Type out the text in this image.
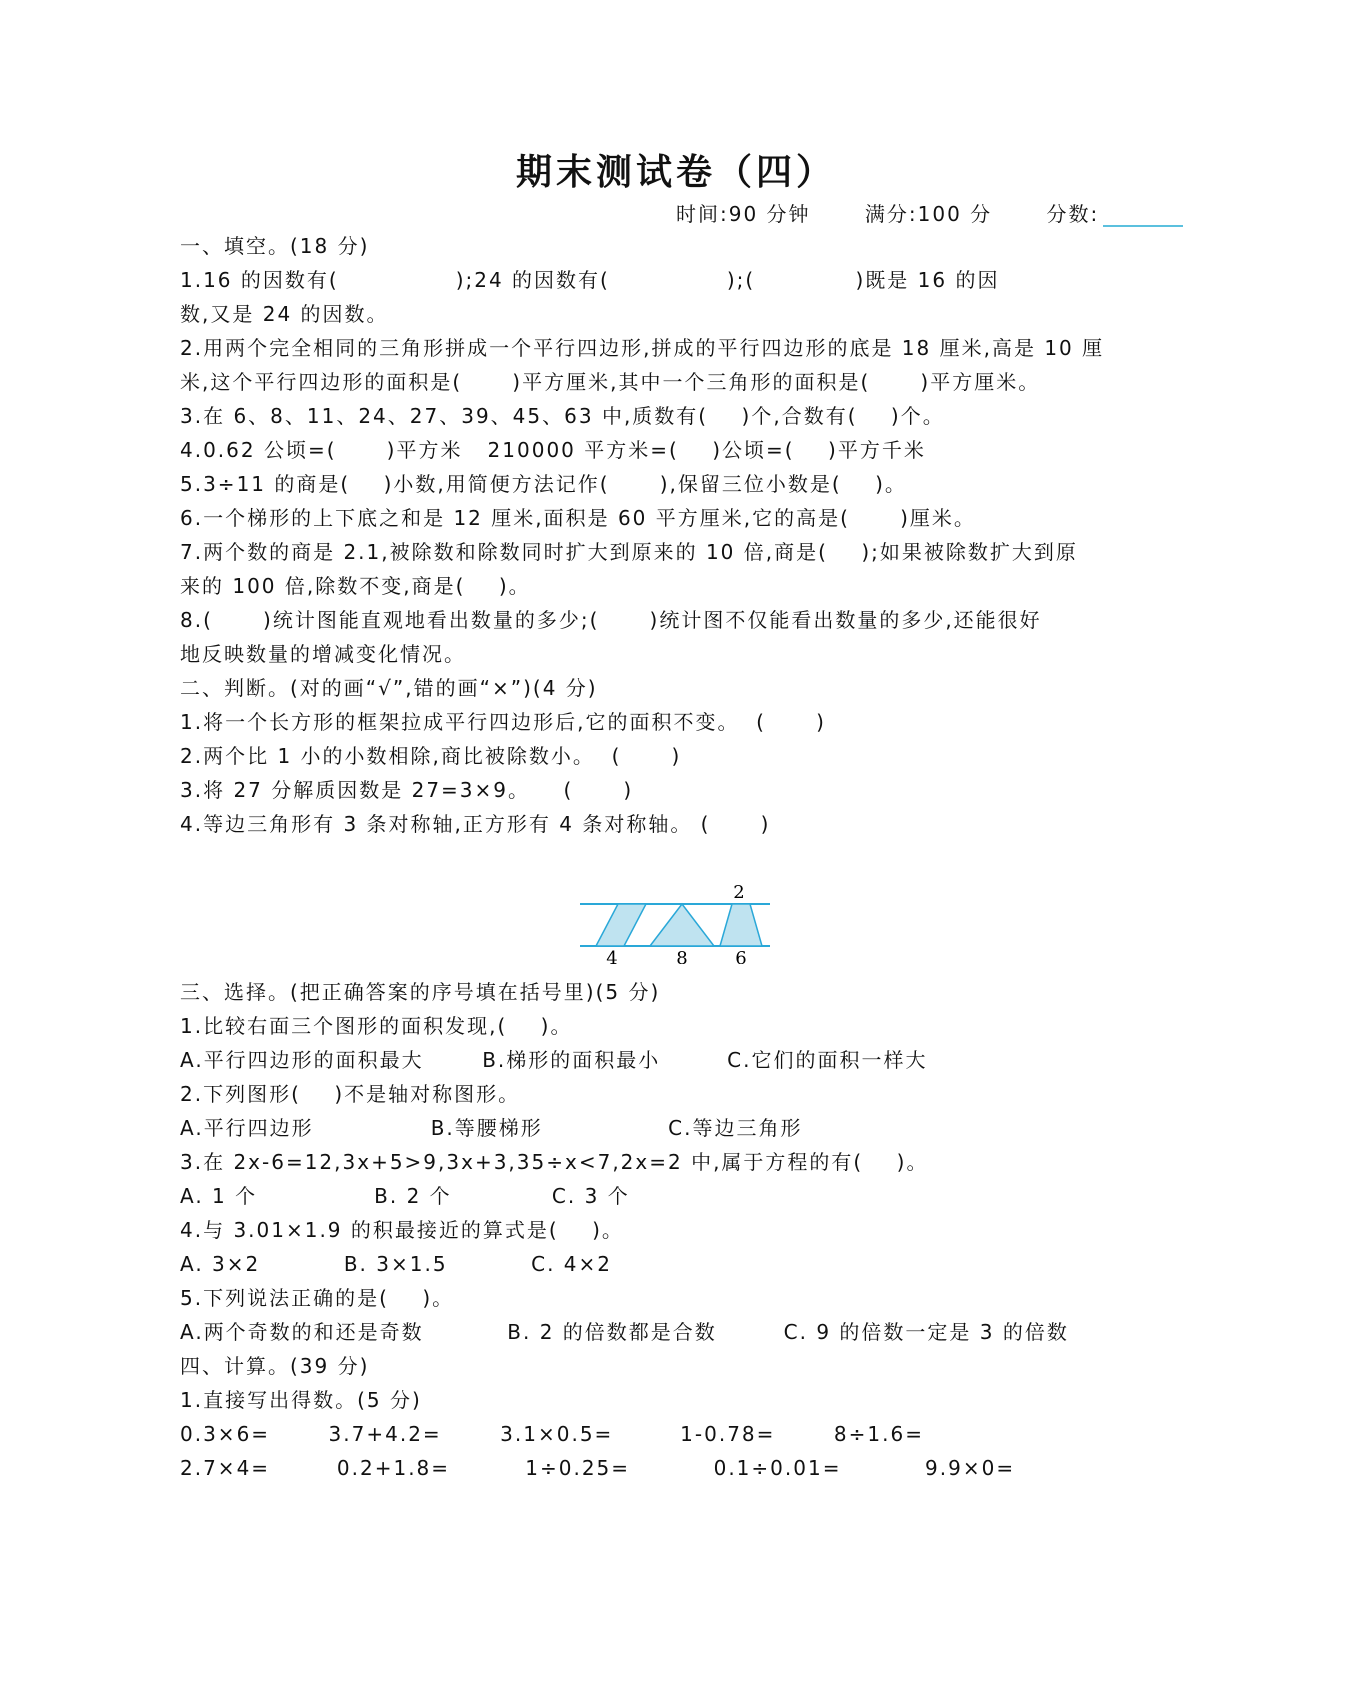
期末测试卷（四）
时间:90 分钟	满分:100 分	分数:
一、填空。(18 分)
1.16 的因数有(              );24 的因数有(              );(            )既是 16 的因
数,又是 24 的因数。
2.用两个完全相同的三角形拼成一个平行四边形,拼成的平行四边形的底是 18 厘米,高是 10 厘
米,这个平行四边形的面积是(      )平方厘米,其中一个三角形的面积是(      )平方厘米。
3.在 6、8、11、24、27、39、45、63 中,质数有(    )个,合数有(    )个。
4.0.62 公顷=(      )平方米   210000 平方米=(    )公顷=(    )平方千米
5.3÷11 的商是(    )小数,用简便方法记作(      ),保留三位小数是(    )。
6.一个梯形的上下底之和是 12 厘米,面积是 60 平方厘米,它的高是(      )厘米。
7.两个数的商是 2.1,被除数和除数同时扩大到原来的 10 倍,商是(    );如果被除数扩大到原
来的 100 倍,除数不变,商是(    )。
8.(      )统计图能直观地看出数量的多少;(      )统计图不仅能看出数量的多少,还能很好
地反映数量的增减变化情况。
二、判断。(对的画“√”,错的画“×”)(4 分)
1.将一个长方形的框架拉成平行四边形后,它的面积不变。  (      )
2.两个比 1 小的小数相除,商比被除数小。  (      )
3.将 27 分解质因数是 27=3×9。    (      )
4.等边三角形有 3 条对称轴,正方形有 4 条对称轴。 (      )
2
4	8	6
三、选择。(把正确答案的序号填在括号里)(5 分)
1.比较右面三个图形的面积发现,(    )。
A.平行四边形的面积最大       B.梯形的面积最小        C.它们的面积一样大
2.下列图形(    )不是轴对称图形。
A.平行四边形              B.等腰梯形               C.等边三角形
3.在 2x-6=12,3x+5>9,3x+3,35÷x<7,2x=2 中,属于方程的有(    )。
A. 1 个              B. 2 个            C. 3 个
4.与 3.01×1.9 的积最接近的算式是(    )。
A. 3×2          B. 3×1.5          C. 4×2
5.下列说法正确的是(    )。
A.两个奇数的和还是奇数          B. 2 的倍数都是合数        C. 9 的倍数一定是 3 的倍数
四、计算。(39 分)
1.直接写出得数。(5 分)
0.3×6=       3.7+4.2=       3.1×0.5=        1-0.78=       8÷1.6=
2.7×4=        0.2+1.8=         1÷0.25=          0.1÷0.01=          9.9×0=
